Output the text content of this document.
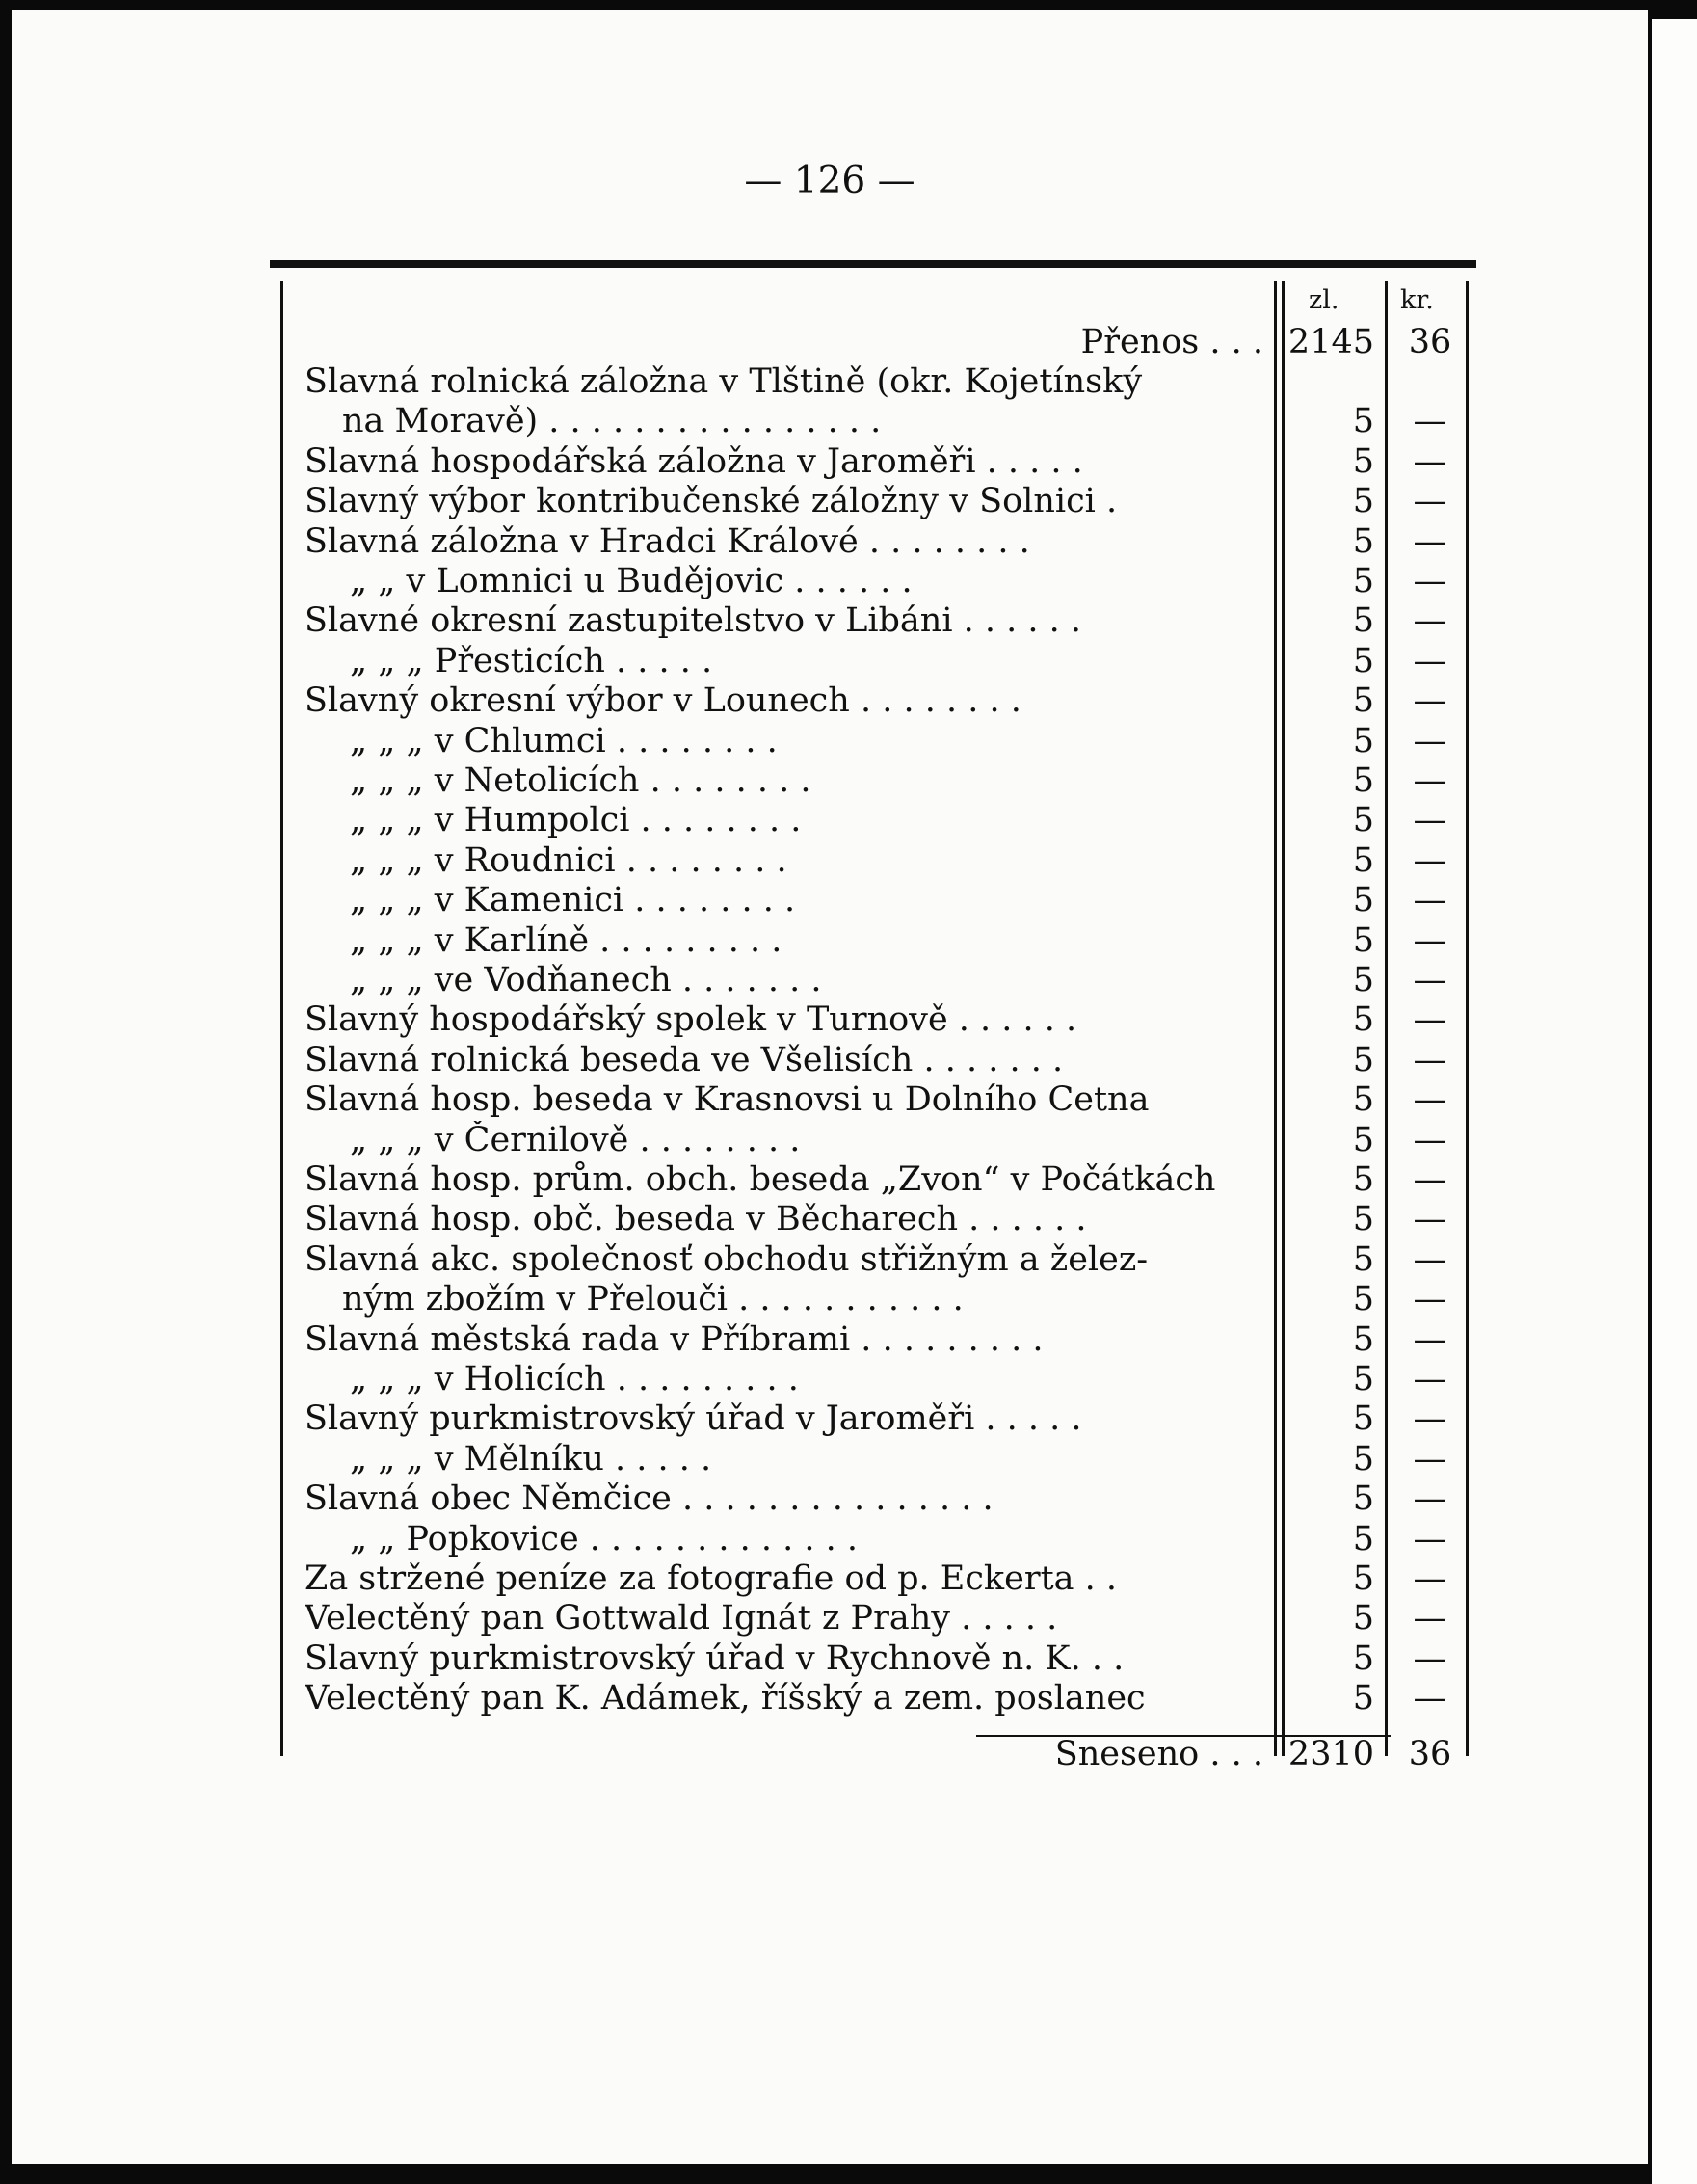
— 126 —
zl. kr.
Přenos . . . 2145	36
Slavná rolnická záložna v Tlštině (okr. Kojetínský
na Moravě) . . . . . . . . . . . . . . . .	5	—
Slavná hospodářská záložna v Jaroměři . . . . .	5	—
Slavný výbor kontribučenské záložny v Solnici .	5	—
Slavná záložna v Hradci Králové . . . . . . . .	5	—
„ „ v Lomnici u Budějovic . . . . . .	5	—
Slavné okresní zastupitelstvo v Libáni . . . . . .	5	—
„ „ „ Přesticích . . . . .	5	—
Slavný okresní výbor v Lounech . . . . . . . .	5	—
„ „ „ v Chlumci . . . . . . . .	5	—
„ „ „ v Netolicích . . . . . . . .	5	—
„ „ „ v Humpolci . . . . . . . .	5	—
„ „ „ v Roudnici . . . . . . . .	5	—
„ „ „ v Kamenici . . . . . . . .	5	—
„ „ „ v Karlíně . . . . . . . . .	5	—
„ „ „ ve Vodňanech . . . . . . .	5	—
Slavný hospodářský spolek v Turnově . . . . . .	5	—
Slavná rolnická beseda ve Všelisích . . . . . . .	5	—
Slavná hosp. beseda v Krasnovsi u Dolního Cetna	5	—
„ „ „ v Černilově . . . . . . . .	5	—
Slavná hosp. prům. obch. beseda „Zvon“ v Počátkách	5	—
Slavná hosp. obč. beseda v Běcharech . . . . . .	5	—
Slavná akc. společnosť obchodu střižným a želez-	5	—
ným zbožím v Přelouči . . . . . . . . . . .	5	—
Slavná městská rada v Příbrami . . . . . . . . .	5	—
„ „ „ v Holicích . . . . . . . . .	5	—
Slavný purkmistrovský úřad v Jaroměři . . . . .	5	—
„ „ „ v Mělníku . . . . .	5	—
Slavná obec Němčice . . . . . . . . . . . . . . .	5	—
„ „ Popkovice . . . . . . . . . . . . .	5	—
Za stržené peníze za fotografie od p. Eckerta . .	5	—
Velectěný pan Gottwald Ignát z Prahy . . . . .	5	—
Slavný purkmistrovský úřad v Rychnově n. K. . .	5	—
Velectěný pan K. Adámek, říšský a zem. poslanec	5	—
Sneseno . . . 2310	36
